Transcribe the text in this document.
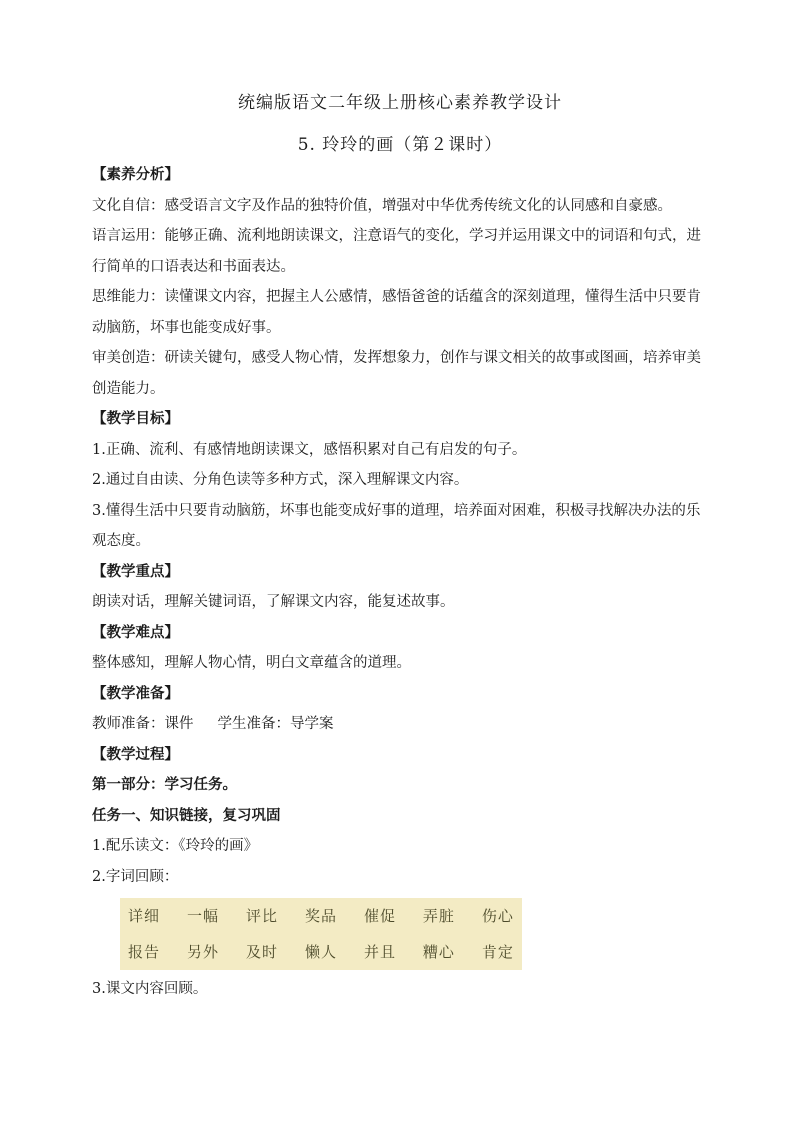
统编版语文二年级上册核心素养教学设计
5. 玲玲的画（第２课时）

【素养分析】

文化自信：感受语言文字及作品的独特价值，增强对中华优秀传统文化的认同感和自豪感。

语言运用：能够正确、流利地朗读课文，注意语气的变化，学习并运用课文中的词语和句式，进行简单的口语表达和书面表达。

思维能力：读懂课文内容，把握主人公感情，感悟爸爸的话蕴含的深刻道理，懂得生活中只要肯动脑筋，坏事也能变成好事。

审美创造：研读关键句，感受人物心情，发挥想象力，创作与课文相关的故事或图画，培养审美创造能力。

【教学目标】

1.正确、流利、有感情地朗读课文，感悟积累对自己有启发的句子。

2.通过自由读、分角色读等多种方式，深入理解课文内容。

3.懂得生活中只要肯动脑筋，坏事也能变成好事的道理，培养面对困难，积极寻找解决办法的乐观态度。

【教学重点】

朗读对话，理解关键词语，了解课文内容，能复述故事。

【教学难点】

整体感知，理解人物心情，明白文章蕴含的道理。

【教学准备】

教师准备：课件 学生准备：导学案

【教学过程】

第一部分：学习任务。

任务一、知识链接，复习巩固

1.配乐读文：《玲玲的画》

2.字词回顾：

详细 一幅 评比 奖品 催促 弄脏 伤心
报告 另外 及时 懒人 并且 糟心 肯定

3.课文内容回顾。
